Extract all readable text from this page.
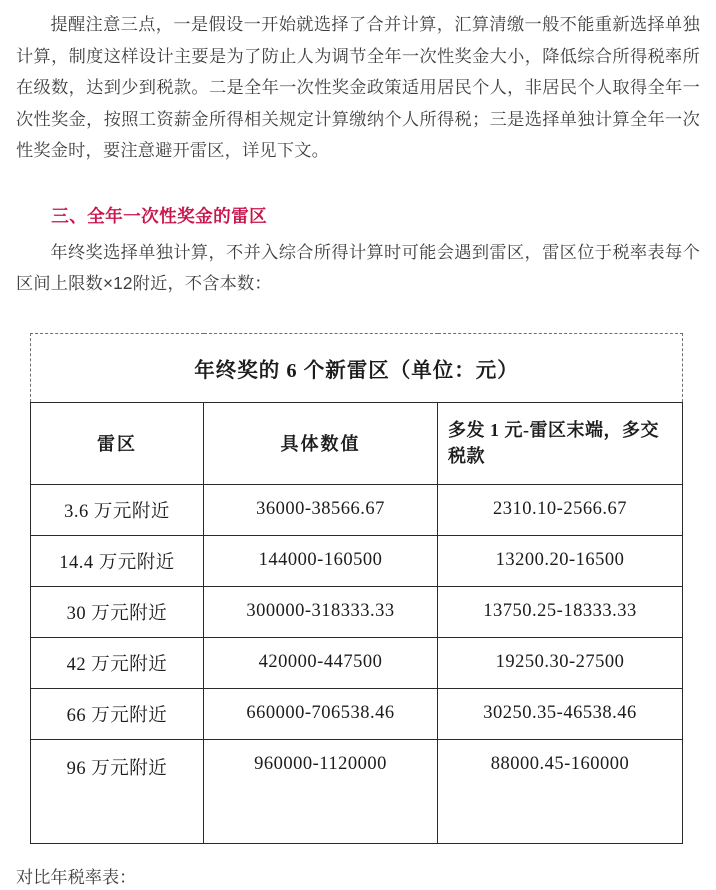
提醒注意三点，一是假设一开始就选择了合并计算，汇算清缴一般不能重新选择单独计算，制度这样设计主要是为了防止人为调节全年一次性奖金大小，降低综合所得税率所在级数，达到少到税款。二是全年一次性奖金政策适用居民个人，非居民个人取得全年一次性奖金，按照工资薪金所得相关规定计算缴纳个人所得税；三是选择单独计算全年一次性奖金时，要注意避开雷区，详见下文。

三、全年一次性奖金的雷区

年终奖选择单独计算，不并入综合所得计算时可能会遇到雷区，雷区位于税率表每个区间上限数×12附近，不含本数：

年终奖的 6 个新雷区（单位：元）		
雷区	具体数值	多发 1 元-雷区末端，多交税款
3.6 万元附近	36000-38566.67	2310.10-2566.67
14.4 万元附近	144000-160500	13200.20-16500
30 万元附近	300000-318333.33	13750.25-18333.33
42 万元附近	420000-447500	19250.30-27500
66 万元附近	660000-706538.46	30250.35-46538.46
96 万元附近	960000-1120000	88000.45-160000

对比年税率表：
